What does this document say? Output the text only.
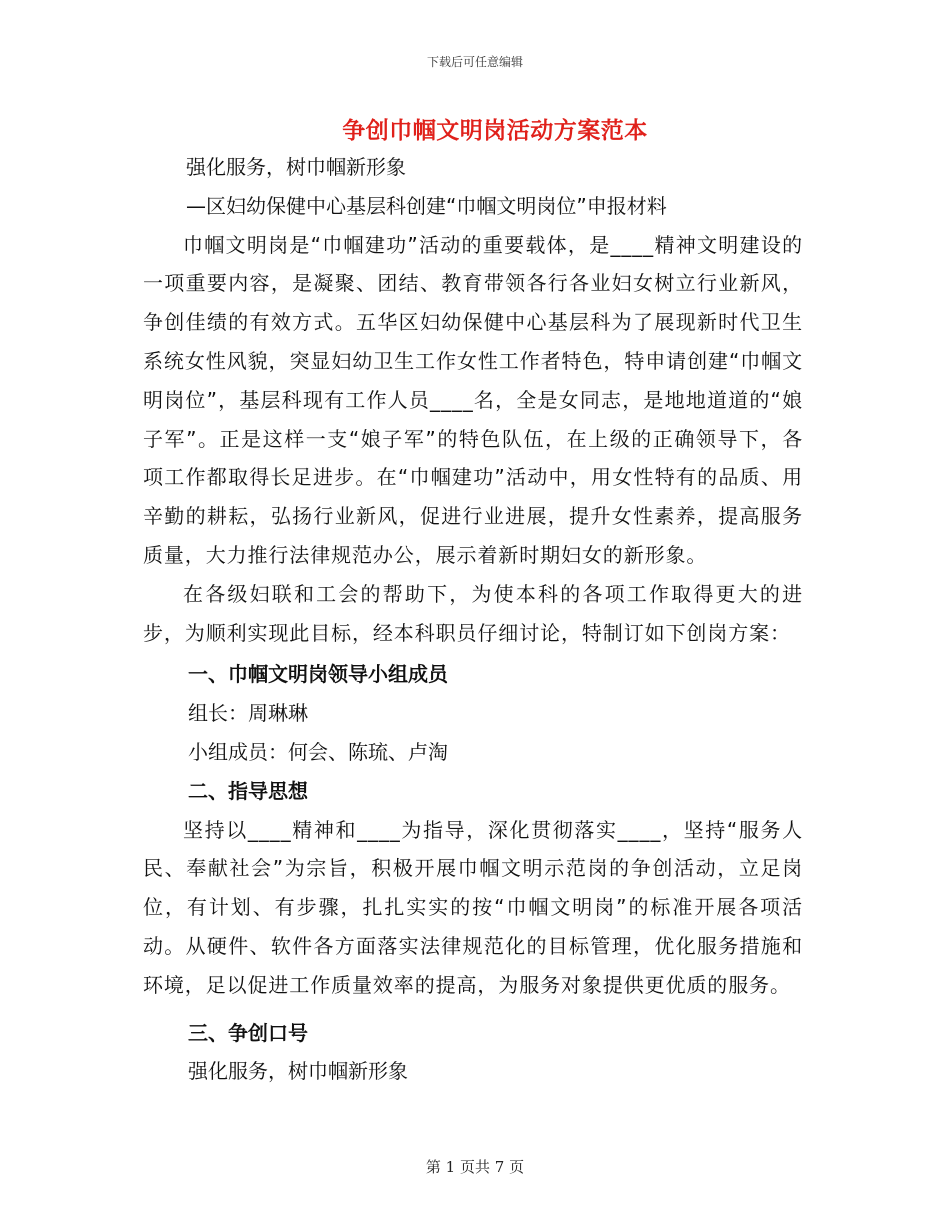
下载后可任意编辑
争创巾帼文明岗活动方案范本
强化服务，树巾帼新形象
—区妇幼保健中心基层科创建“巾帼文明岗位”申报材料

巾帼文明岗是“巾帼建功”活动的重要载体，是____精神文明建设的一项重要内容，是凝聚、团结、教育带领各行各业妇女树立行业新风，争创佳绩的有效方式。五华区妇幼保健中心基层科为了展现新时代卫生系统女性风貌，突显妇幼卫生工作女性工作者特色，特申请创建“巾帼文明岗位”，基层科现有工作人员____名，全是女同志，是地地道道的“娘子军”。正是这样一支“娘子军”的特色队伍，在上级的正确领导下，各项工作都取得长足进步。在“巾帼建功”活动中，用女性特有的品质、用辛勤的耕耘，弘扬行业新风，促进行业进展，提升女性素养，提高服务质量，大力推行法律规范办公，展示着新时期妇女的新形象。

在各级妇联和工会的帮助下，为使本科的各项工作取得更大的进步，为顺利实现此目标，经本科职员仔细讨论，特制订如下创岗方案：

一、巾帼文明岗领导小组成员
组长：周琳琳
小组成员：何会、陈琉、卢淘
二、指导思想

坚持以____精神和____为指导，深化贯彻落实____，坚持“服务人民、奉献社会”为宗旨，积极开展巾帼文明示范岗的争创活动，立足岗位，有计划、有步骤，扎扎实实的按“巾帼文明岗”的标准开展各项活动。从硬件、软件各方面落实法律规范化的目标管理，优化服务措施和环境，足以促进工作质量效率的提高，为服务对象提供更优质的服务。

三、争创口号
强化服务，树巾帼新形象
第 1 页共 7 页
